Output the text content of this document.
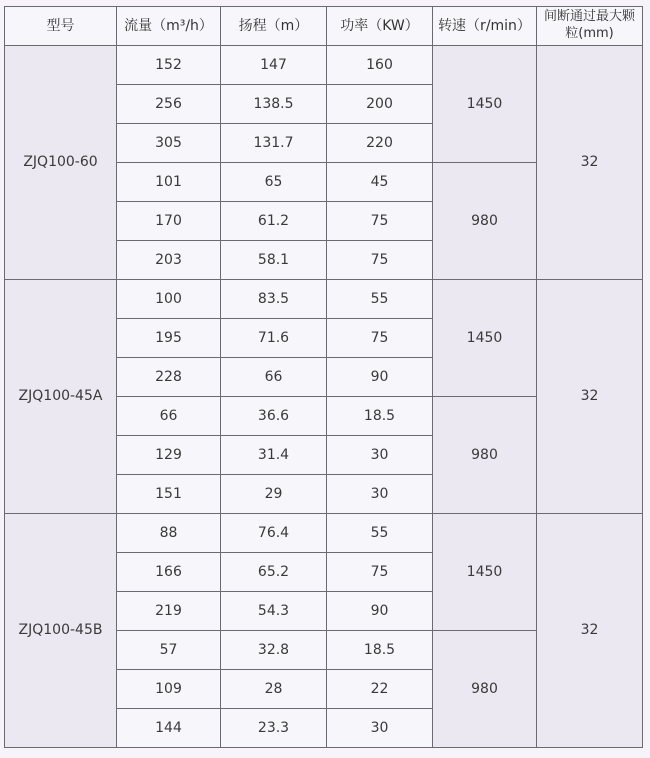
型号	流量（m³/h）	扬程（m）	功率（KW）	转速（r/min）	间断通过最大颗
粒(mm)
ZJQ100-60	152	147	160	1450	32
	256	138.5	200		
	305	131.7	220		
	101	65	45	980	
	170	61.2	75		
	203	58.1	75		
ZJQ100-45A	100	83.5	55	1450	32
	195	71.6	75		
	228	66	90		
	66	36.6	18.5	980	
	129	31.4	30		
	151	29	30		
ZJQ100-45B	88	76.4	55	1450	32
	166	65.2	75		
	219	54.3	90		
	57	32.8	18.5	980	
	109	28	22		
	144	23.3	30		
